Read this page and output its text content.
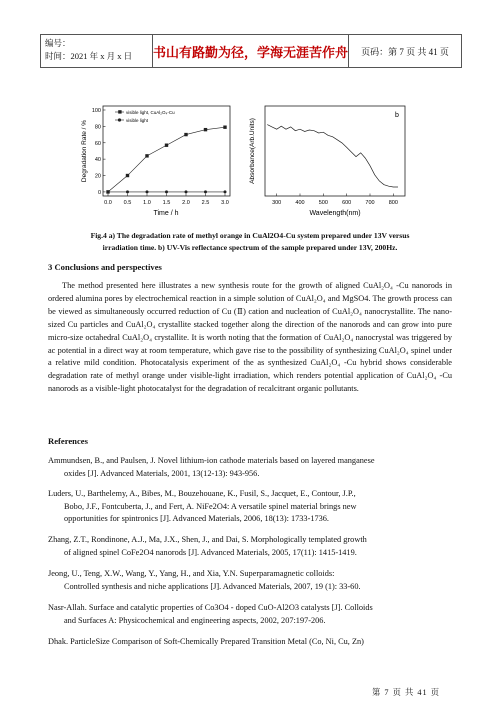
编号：
时间：2021 年 x 月 x 日	书山有路勤为径，学海无涯苦作舟	页码：第 7 页 共 41 页
Degradation Rate / %
Time / h
0
20
40
60
80
100
0.0 0.5 1.0 1.5 2.0 2.5 3.0
visible light, CuAl₂O₄-Cu
visible light	Absorbance(Arb.Units)
Wavelength(nm)
b
300	400	500	600	700	800
Fig.4 a) The degradation rate of methyl orange in CuAl2O4-Cu system prepared under 13V versus irradiation time. b) UV-Vis reflectance spectrum of the sample prepared under 13V, 200Hz.
3 Conclusions and perspectives
The method presented here illustrates a new synthesis route for the growth of aligned CuAl₂O₄ -Cu nanorods in ordered alumina pores by electrochemical reaction in a simple solution of CuAl₂O₄ and MgSO4. The growth process can be viewed as simultaneously occurred reduction of Cu (Ⅱ) cation and nucleation of CuAl₂O₄ nanocrystallite. The nano-sized Cu particles and CuAl₂O₄ crystallite stacked together along the direction of the nanorods and can grow into pure micro-size octahedral CuAl₂O₄ crystallite. It is worth noting that the formation of CuAl₂O₄ nanocrystal was triggered by ac potential in a direct way at room temperature, which gave rise to the possibility of synthesizing CuAl₂O₄ spinel under a relative mild condition. Photocatalysis experiment of the as synthesized CuAl₂O₄ -Cu hybrid shows considerable degradation rate of methyl orange under visible-light irradiation, which renders potential application of CuAl₂O₄ -Cu nanorods as a visible-light photocatalyst for the degradation of recalcitrant organic pollutants.
References
Ammundsen, B., and Paulsen, J. Novel lithium-ion cathode materials based on layered manganese
oxides [J]. Advanced Materials, 2001, 13(12-13): 943-956.
Luders, U., Barthelemy, A., Bibes, M., Bouzehouane, K., Fusil, S., Jacquet, E., Contour, J.P.,
Bobo, J.F., Fontcuberta, J., and Fert, A. NiFe2O4: A versatile spinel material brings new
opportunities for spintronics [J]. Advanced Materials, 2006, 18(13): 1733-1736.
Zhang, Z.T., Rondinone, A.J., Ma, J.X., Shen, J., and Dai, S. Morphologically templated growth
of aligned spinel CoFe2O4 nanorods [J]. Advanced Materials, 2005, 17(11): 1415-1419.
Jeong, U., Teng, X.W., Wang, Y., Yang, H., and Xia, Y.N. Superparamagnetic colloids:
Controlled synthesis and niche applications [J]. Advanced Materials, 2007, 19 (1): 33-60.
Nasr-Allah. Surface and catalytic properties of Co3O4 - doped CuO-Al2O3 catalysts [J]. Colloids
and Surfaces A: Physicochemical and engineering aspects, 2002, 207:197-206.
Dhak. ParticleSize Comparison of Soft-Chemically Prepared Transition Metal (Co, Ni, Cu, Zn)
第 7 页 共 41 页
